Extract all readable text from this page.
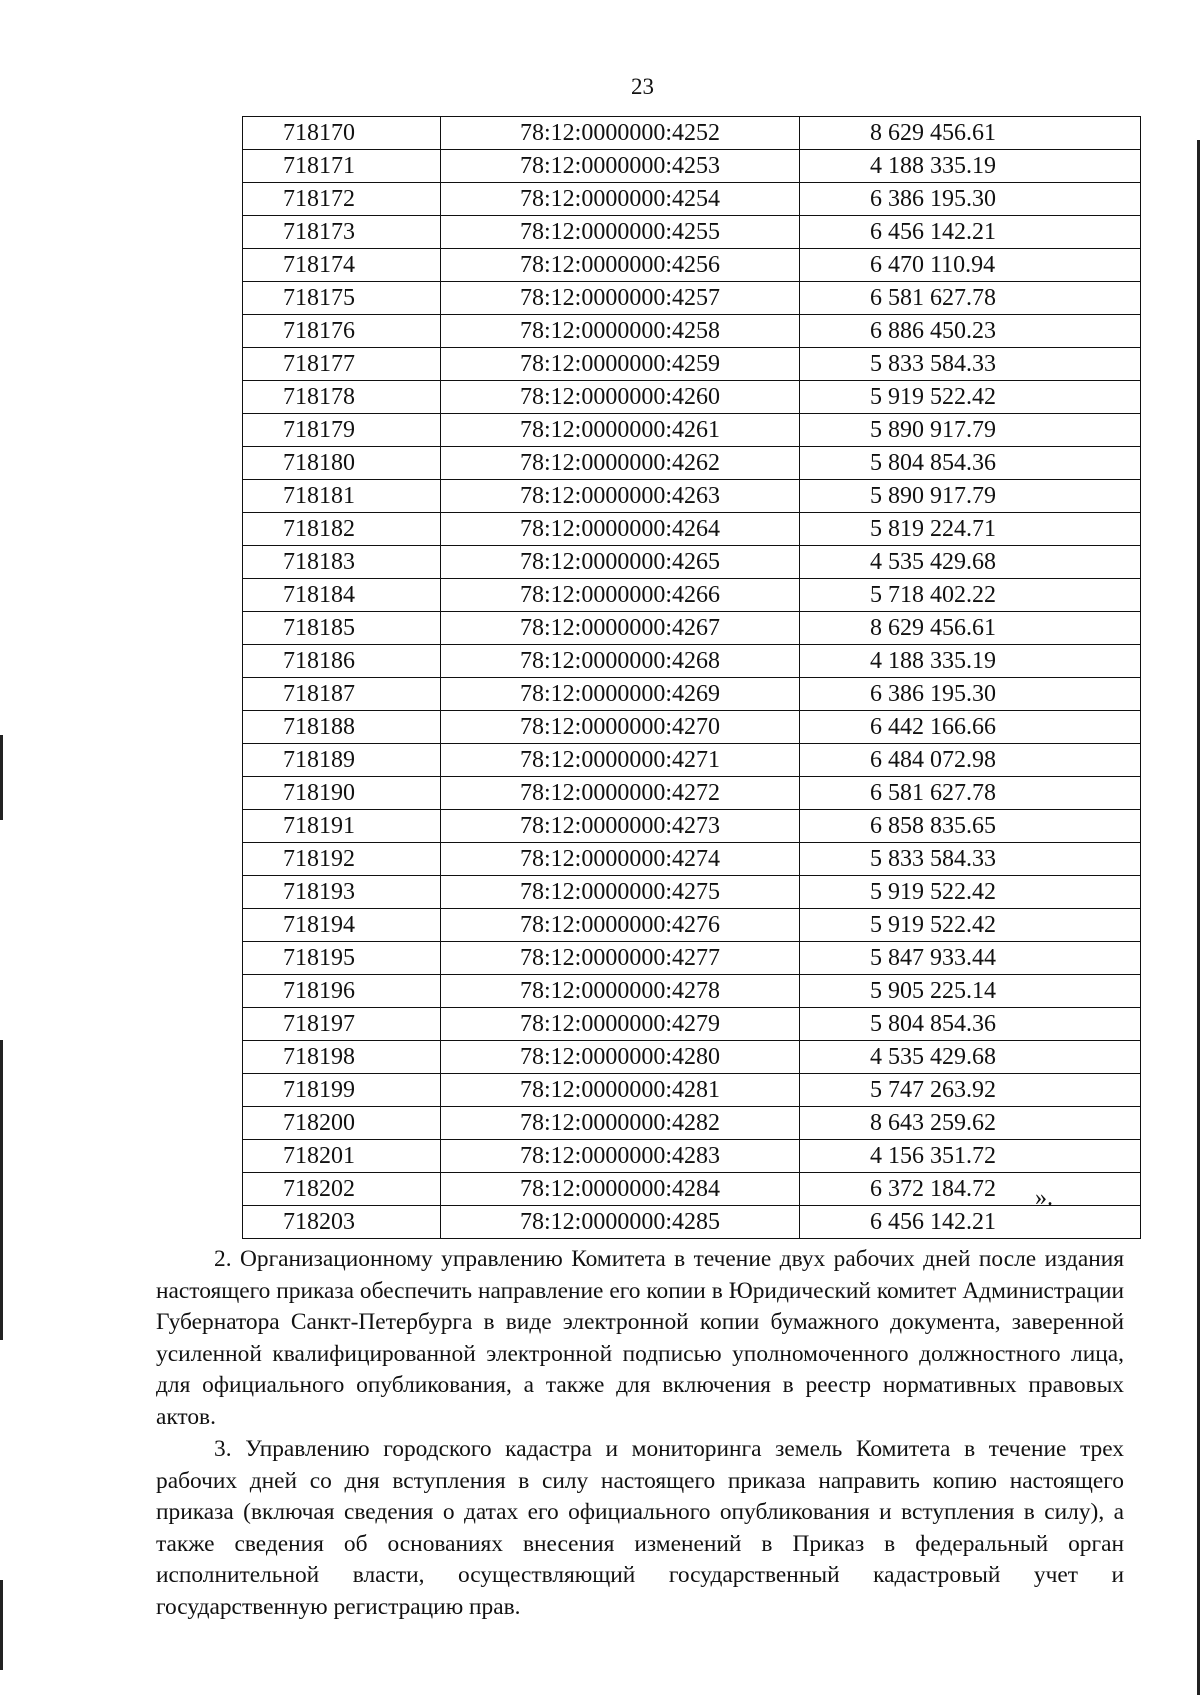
23
718170	78:12:0000000:4252	8 629 456.61
718171	78:12:0000000:4253	4 188 335.19
718172	78:12:0000000:4254	6 386 195.30
718173	78:12:0000000:4255	6 456 142.21
718174	78:12:0000000:4256	6 470 110.94
718175	78:12:0000000:4257	6 581 627.78
718176	78:12:0000000:4258	6 886 450.23
718177	78:12:0000000:4259	5 833 584.33
718178	78:12:0000000:4260	5 919 522.42
718179	78:12:0000000:4261	5 890 917.79
718180	78:12:0000000:4262	5 804 854.36
718181	78:12:0000000:4263	5 890 917.79
718182	78:12:0000000:4264	5 819 224.71
718183	78:12:0000000:4265	4 535 429.68
718184	78:12:0000000:4266	5 718 402.22
718185	78:12:0000000:4267	8 629 456.61
718186	78:12:0000000:4268	4 188 335.19
718187	78:12:0000000:4269	6 386 195.30
718188	78:12:0000000:4270	6 442 166.66
718189	78:12:0000000:4271	6 484 072.98
718190	78:12:0000000:4272	6 581 627.78
718191	78:12:0000000:4273	6 858 835.65
718192	78:12:0000000:4274	5 833 584.33
718193	78:12:0000000:4275	5 919 522.42
718194	78:12:0000000:4276	5 919 522.42
718195	78:12:0000000:4277	5 847 933.44
718196	78:12:0000000:4278	5 905 225.14
718197	78:12:0000000:4279	5 804 854.36
718198	78:12:0000000:4280	4 535 429.68
718199	78:12:0000000:4281	5 747 263.92
718200	78:12:0000000:4282	8 643 259.62
718201	78:12:0000000:4283	4 156 351.72
718202	78:12:0000000:4284	6 372 184.72
718203	78:12:0000000:4285	6 456 142.21
».

2. Организационному управлению Комитета в течение двух рабочих дней после издания настоящего приказа обеспечить направление его копии в Юридический комитет Администрации Губернатора Санкт-Петербурга в виде электронной копии бумажного документа, заверенной усиленной квалифицированной электронной подписью уполномоченного должностного лица, для официального опубликования, а также для включения в реестр нормативных правовых актов.

3. Управлению городского кадастра и мониторинга земель Комитета в течение трех рабочих дней со дня вступления в силу настоящего приказа направить копию настоящего приказа (включая сведения о датах его официального опубликования и вступления в силу), а также сведения об основаниях внесения изменений в Приказ в федеральный орган исполнительной власти, осуществляющий государственный кадастровый учет и государственную регистрацию прав.
